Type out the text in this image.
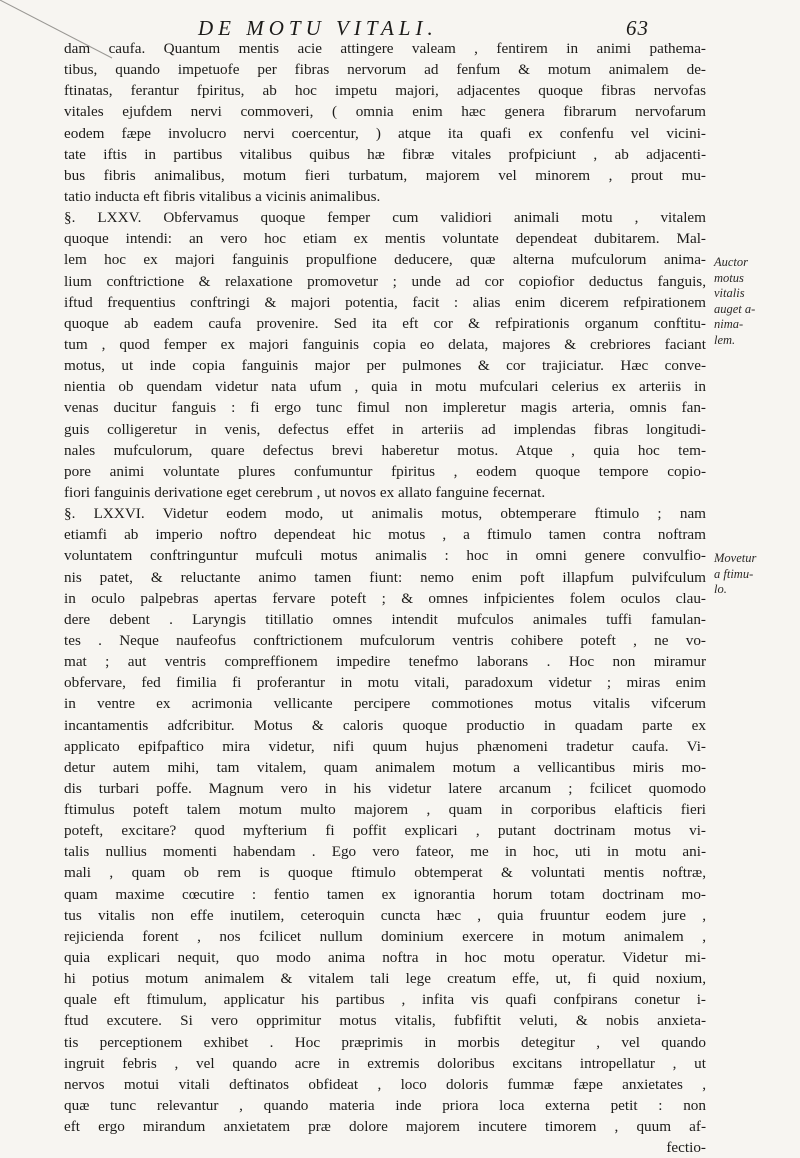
DE MOTU VITALI.	63
dam caufa. Quantum mentis acie attingere valeam , fentirem in animi pathema-
tibus, quando impetuofe per fibras nervorum ad fenfum & motum animalem de-
ftinatas, ferantur fpiritus, ab hoc impetu majori, adjacentes quoque fibras nervofas
vitales ejufdem nervi commoveri, ( omnia enim hæc genera fibrarum nervofarum
eodem fæpe involucro nervi coercentur, ) atque ita quafi ex confenfu vel vicini-
tate iftis in partibus vitalibus quibus hæ fibræ vitales profpiciunt , ab adjacenti-
bus fibris animalibus, motum fieri turbatum, majorem vel minorem , prout mu-
tatio inducta eft fibris vitalibus a vicinis animalibus.
§. LXXV. Obfervamus quoque femper cum validiori animali motu , vitalem
quoque intendi: an vero hoc etiam ex mentis voluntate dependeat dubitarem. Mal-
lem hoc ex majori fanguinis propulfione deducere, quæ alterna mufculorum anima-
lium conftrictione & relaxatione promovetur ; unde ad cor copiofior deductus fanguis,
iftud frequentius conftringi & majori potentia, facit : alias enim dicerem refpirationem
quoque ab eadem caufa provenire. Sed ita eft cor & refpirationis organum conftitu-
tum , quod femper ex majori fanguinis copia eo delata, majores & crebriores faciant
motus, ut inde copia fanguinis major per pulmones & cor trajiciatur. Hæc conve-
nientia ob quendam videtur nata ufum , quia in motu mufculari celerius ex arteriis in
venas ducitur fanguis : fi ergo tunc fimul non impleretur magis arteria, omnis fan-
guis colligeretur in venis, defectus effet in arteriis ad implendas fibras longitudi-
nales mufculorum, quare defectus brevi haberetur motus. Atque , quia hoc tem-
pore animi voluntate plures confumuntur fpiritus , eodem quoque tempore copio-
fiori fanguinis derivatione eget cerebrum , ut novos ex allato fanguine fecernat.
§. LXXVI. Videtur eodem modo, ut animalis motus, obtemperare ftimulo ; nam
etiamfi ab imperio noftro dependeat hic motus , a ftimulo tamen contra noftram
voluntatem conftringuntur mufculi motus animalis : hoc in omni genere convulfio-
nis patet, & reluctante animo tamen fiunt: nemo enim poft illapfum pulvifculum
in oculo palpebras apertas fervare poteft ; & omnes infpicientes folem oculos clau-
dere debent . Laryngis titillatio omnes intendit mufculos animales tuffi famulan-
tes . Neque naufeofus conftrictionem mufculorum ventris cohibere poteft , ne vo-
mat ; aut ventris compreffionem impedire tenefmo laborans . Hoc non miramur
obfervare, fed fimilia fi proferantur in motu vitali, paradoxum videtur ; miras enim
in ventre ex acrimonia vellicante percipere commotiones motus vitalis vifcerum
incantamentis adfcribitur. Motus & caloris quoque productio in quadam parte ex
applicato epifpaftico mira videtur, nifi quum hujus phænomeni tradetur caufa. Vi-
detur autem mihi, tam vitalem, quam animalem motum a vellicantibus miris mo-
dis turbari poffe. Magnum vero in his videtur latere arcanum ; fcilicet quomodo
ftimulus poteft talem motum multo majorem , quam in corporibus elafticis fieri
poteft, excitare? quod myfterium fi poffit explicari , putant doctrinam motus vi-
talis nullius momenti habendam . Ego vero fateor, me in hoc, uti in motu ani-
mali , quam ob rem is quoque ftimulo obtemperat & voluntati mentis noftræ,
quam maxime cœcutire : fentio tamen ex ignorantia horum totam doctrinam mo-
tus vitalis non effe inutilem, ceteroquin cuncta hæc , quia fruuntur eodem jure ,
rejicienda forent , nos fcilicet nullum dominium exercere in motum animalem ,
quia explicari nequit, quo modo anima noftra in hoc motu operatur. Videtur mi-
hi potius motum animalem & vitalem tali lege creatum effe, ut, fi quid noxium,
quale eft ftimulum, applicatur his partibus , infita vis quafi confpirans conetur i-
ftud excutere. Si vero opprimitur motus vitalis, fubfiftit veluti, & nobis anxieta-
tis perceptionem exhibet . Hoc præprimis in morbis detegitur , vel quando
ingruit febris , vel quando acre in extremis doloribus excitans intropellatur , ut
nervos motui vitali deftinatos obfideat , loco doloris fummæ fæpe anxietates ,
quæ tunc relevantur , quando materia inde priora loca externa petit : non
eft ergo mirandum anxietatem præ dolore majorem incutere timorem , quum af-
fectio-
Auctor
motus
vitalis
auget a-
nima-
lem.
Movetur
a ftimu-
lo.
